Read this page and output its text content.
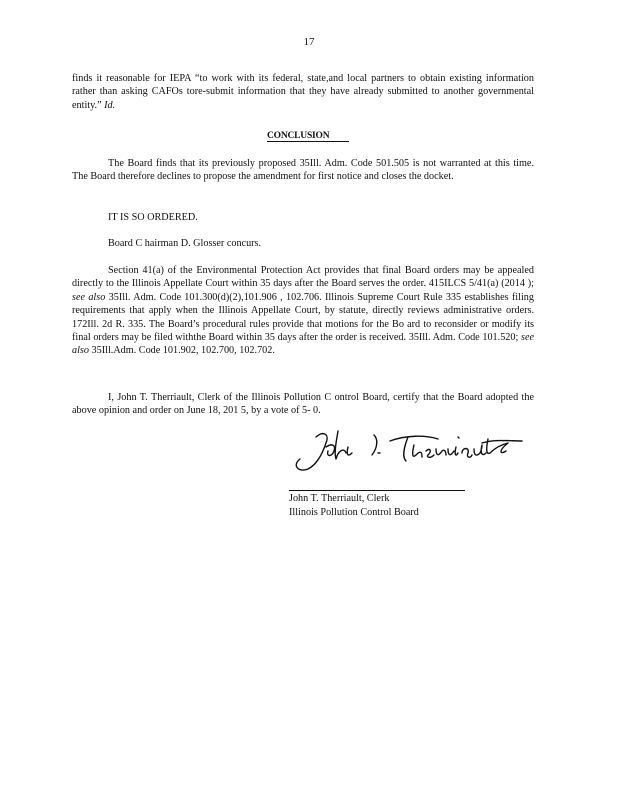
17

finds it reasonable for IEPA “to work with its federal, state,and local partners to obtain existing information rather than asking CAFOs tore-submit information that they have already submitted to another governmental entity.” Id.

CONCLUSION

The Board finds that its previously proposed 35Ill. Adm. Code 501.505 is not warranted at this time. The Board therefore declines to propose the amendment for first notice and closes the docket.

IT IS SO ORDERED.
Board C hairman D. Glosser concurs.

Section 41(a) of the Environmental Protection Act provides that final Board orders may be appealed directly to the Illinois Appellate Court within 35 days after the Board serves the order. 415ILCS 5/41(a) (2014 ); see also 35Ill. Adm. Code 101.300(d)(2),101.906 , 102.706. Illinois Supreme Court Rule 335 establishes filing requirements that apply when the Illinois Appellate Court, by statute, directly reviews administrative orders. 172Ill. 2d R. 335. The Board’s procedural rules provide that motions for the Bo ard to reconsider or modify its final orders may be filed withthe Board within 35 days after the order is received. 35Ill. Adm. Code 101.520; see also 35Ill.Adm. Code 101.902, 102.700, 102.702.

I, John T. Therriault, Clerk of the Illinois Pollution C ontrol Board, certify that the Board adopted the above opinion and order on June 18, 201 5, by a vote of 5- 0.

John T. Therriault, Clerk
Illinois Pollution Control Board
